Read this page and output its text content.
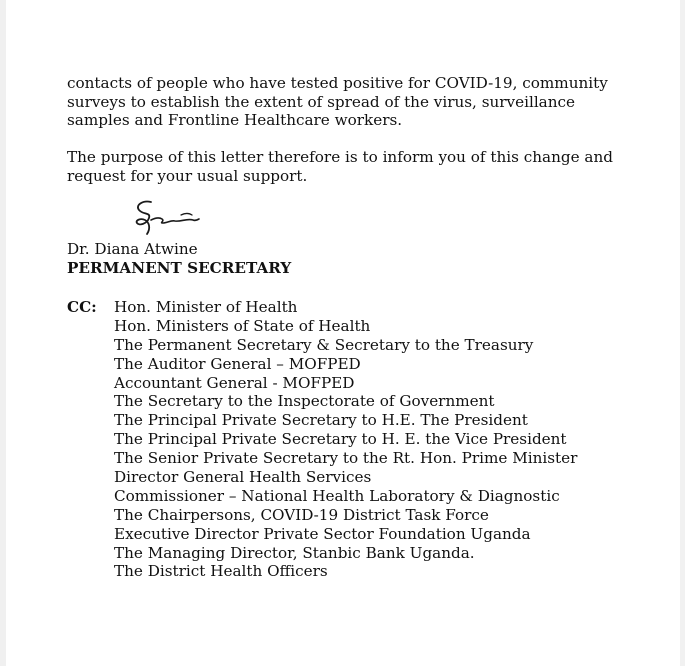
contacts of people who have tested positive for COVID-19, community
surveys to establish the extent of spread of the virus, surveillance
samples and Frontline Healthcare workers.

The purpose of this letter therefore is to inform you of this change and
request for your usual support.

Dr. Diana Atwine
PERMANENT SECRETARY
CC: Hon. Minister of Health
Hon. Ministers of State of Health
The Permanent Secretary & Secretary to the Treasury
The Auditor General – MOFPED
Accountant General - MOFPED
The Secretary to the Inspectorate of Government
The Principal Private Secretary to H.E. The President
The Principal Private Secretary to H. E. the Vice President
The Senior Private Secretary to the Rt. Hon. Prime Minister
Director General Health Services
Commissioner – National Health Laboratory & Diagnostic
The Chairpersons, COVID-19 District Task Force
Executive Director Private Sector Foundation Uganda
The Managing Director, Stanbic Bank Uganda.
The District Health Officers
